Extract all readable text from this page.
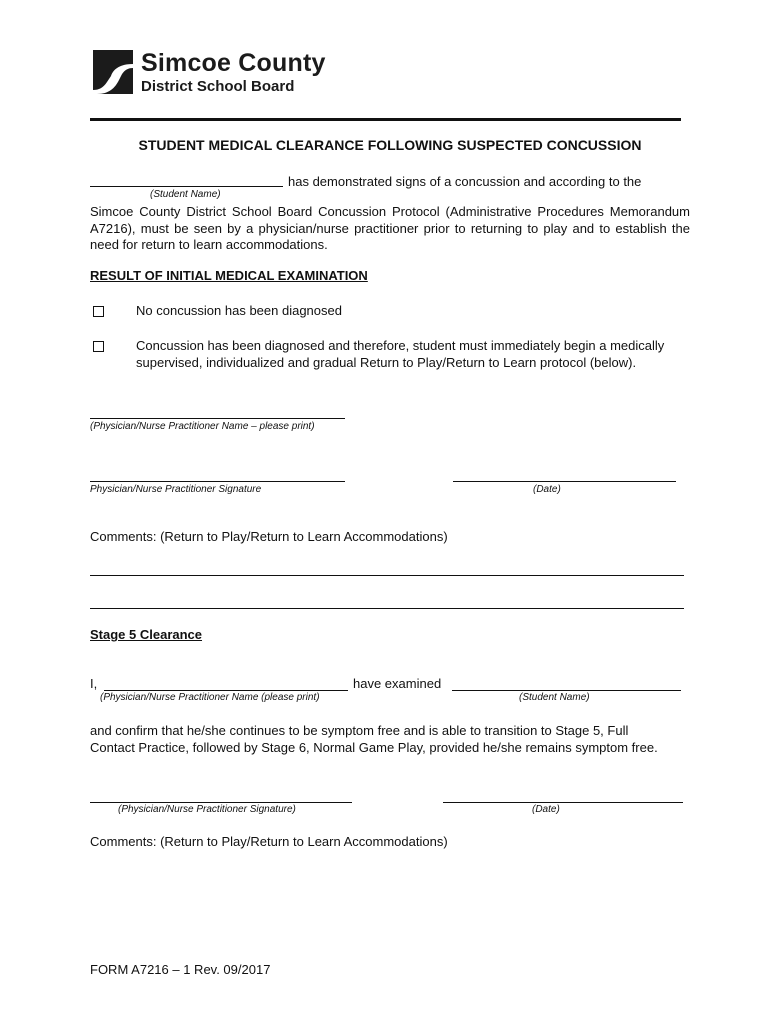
Simcoe County
District School Board
STUDENT MEDICAL CLEARANCE FOLLOWING SUSPECTED CONCUSSION
has demonstrated signs of a concussion and according to the
(Student Name)
Simcoe County District School Board Concussion Protocol (Administrative Procedures Memorandum A7216), must be seen by a physician/nurse practitioner prior to returning to play and to establish the need for return to learn accommodations.
RESULT OF INITIAL MEDICAL EXAMINATION
No concussion has been diagnosed
Concussion has been diagnosed and therefore, student must immediately begin a medically
supervised, individualized and gradual Return to Play/Return to Learn protocol (below).
(Physician/Nurse Practitioner Name – please print)
Physician/Nurse Practitioner Signature	(Date)
Comments: (Return to Play/Return to Learn Accommodations)
Stage 5 Clearance
I,	have examined
(Physician/Nurse Practitioner Name (please print)	(Student Name)
and confirm that he/she continues to be symptom free and is able to transition to Stage 5, Full
Contact Practice, followed by Stage 6, Normal Game Play, provided he/she remains symptom free.
(Physician/Nurse Practitioner Signature)	(Date)
Comments: (Return to Play/Return to Learn Accommodations)
FORM A7216 – 1 Rev. 09/2017
